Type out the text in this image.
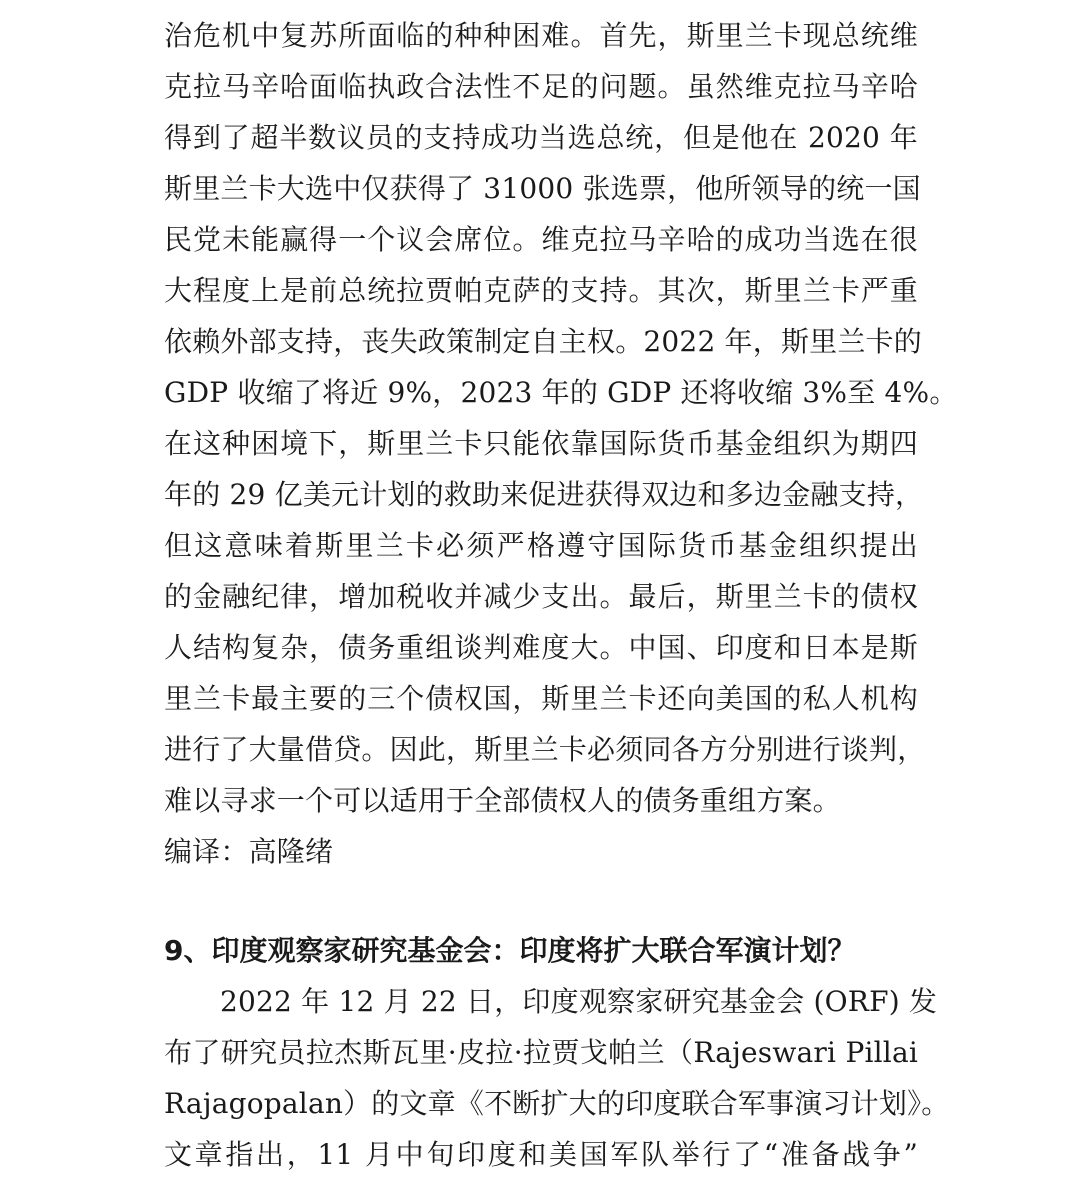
治危机中复苏所面临的种种困难。首先，斯里兰卡现总统维
克拉马辛哈面临执政合法性不足的问题。虽然维克拉马辛哈
得到了超半数议员的支持成功当选总统，但是他在 2020 年
斯里兰卡大选中仅获得了 31000 张选票，他所领导的统一国
民党未能赢得一个议会席位。维克拉马辛哈的成功当选在很
大程度上是前总统拉贾帕克萨的支持。其次，斯里兰卡严重
依赖外部支持，丧失政策制定自主权。2022 年，斯里兰卡的
GDP 收缩了将近 9%，2023 年的 GDP 还将收缩 3%至 4%。
在这种困境下，斯里兰卡只能依靠国际货币基金组织为期四
年的 29 亿美元计划的救助来促进获得双边和多边金融支持，
但这意味着斯里兰卡必须严格遵守国际货币基金组织提出
的金融纪律，增加税收并减少支出。最后，斯里兰卡的债权
人结构复杂，债务重组谈判难度大。中国、印度和日本是斯
里兰卡最主要的三个债权国，斯里兰卡还向美国的私人机构
进行了大量借贷。因此，斯里兰卡必须同各方分别进行谈判，
难以寻求一个可以适用于全部债权人的债务重组方案。
编译：高隆绪
9、印度观察家研究基金会：印度将扩大联合军演计划？
2022 年 12 月 22 日，印度观察家研究基金会 (ORF) 发
布了研究员拉杰斯瓦里·皮拉·拉贾戈帕兰（Rajeswari Pillai
Rajagopalan）的文章《不断扩大的印度联合军事演习计划》。
文章指出，11 月中旬印度和美国军队举行了“准备战争”
